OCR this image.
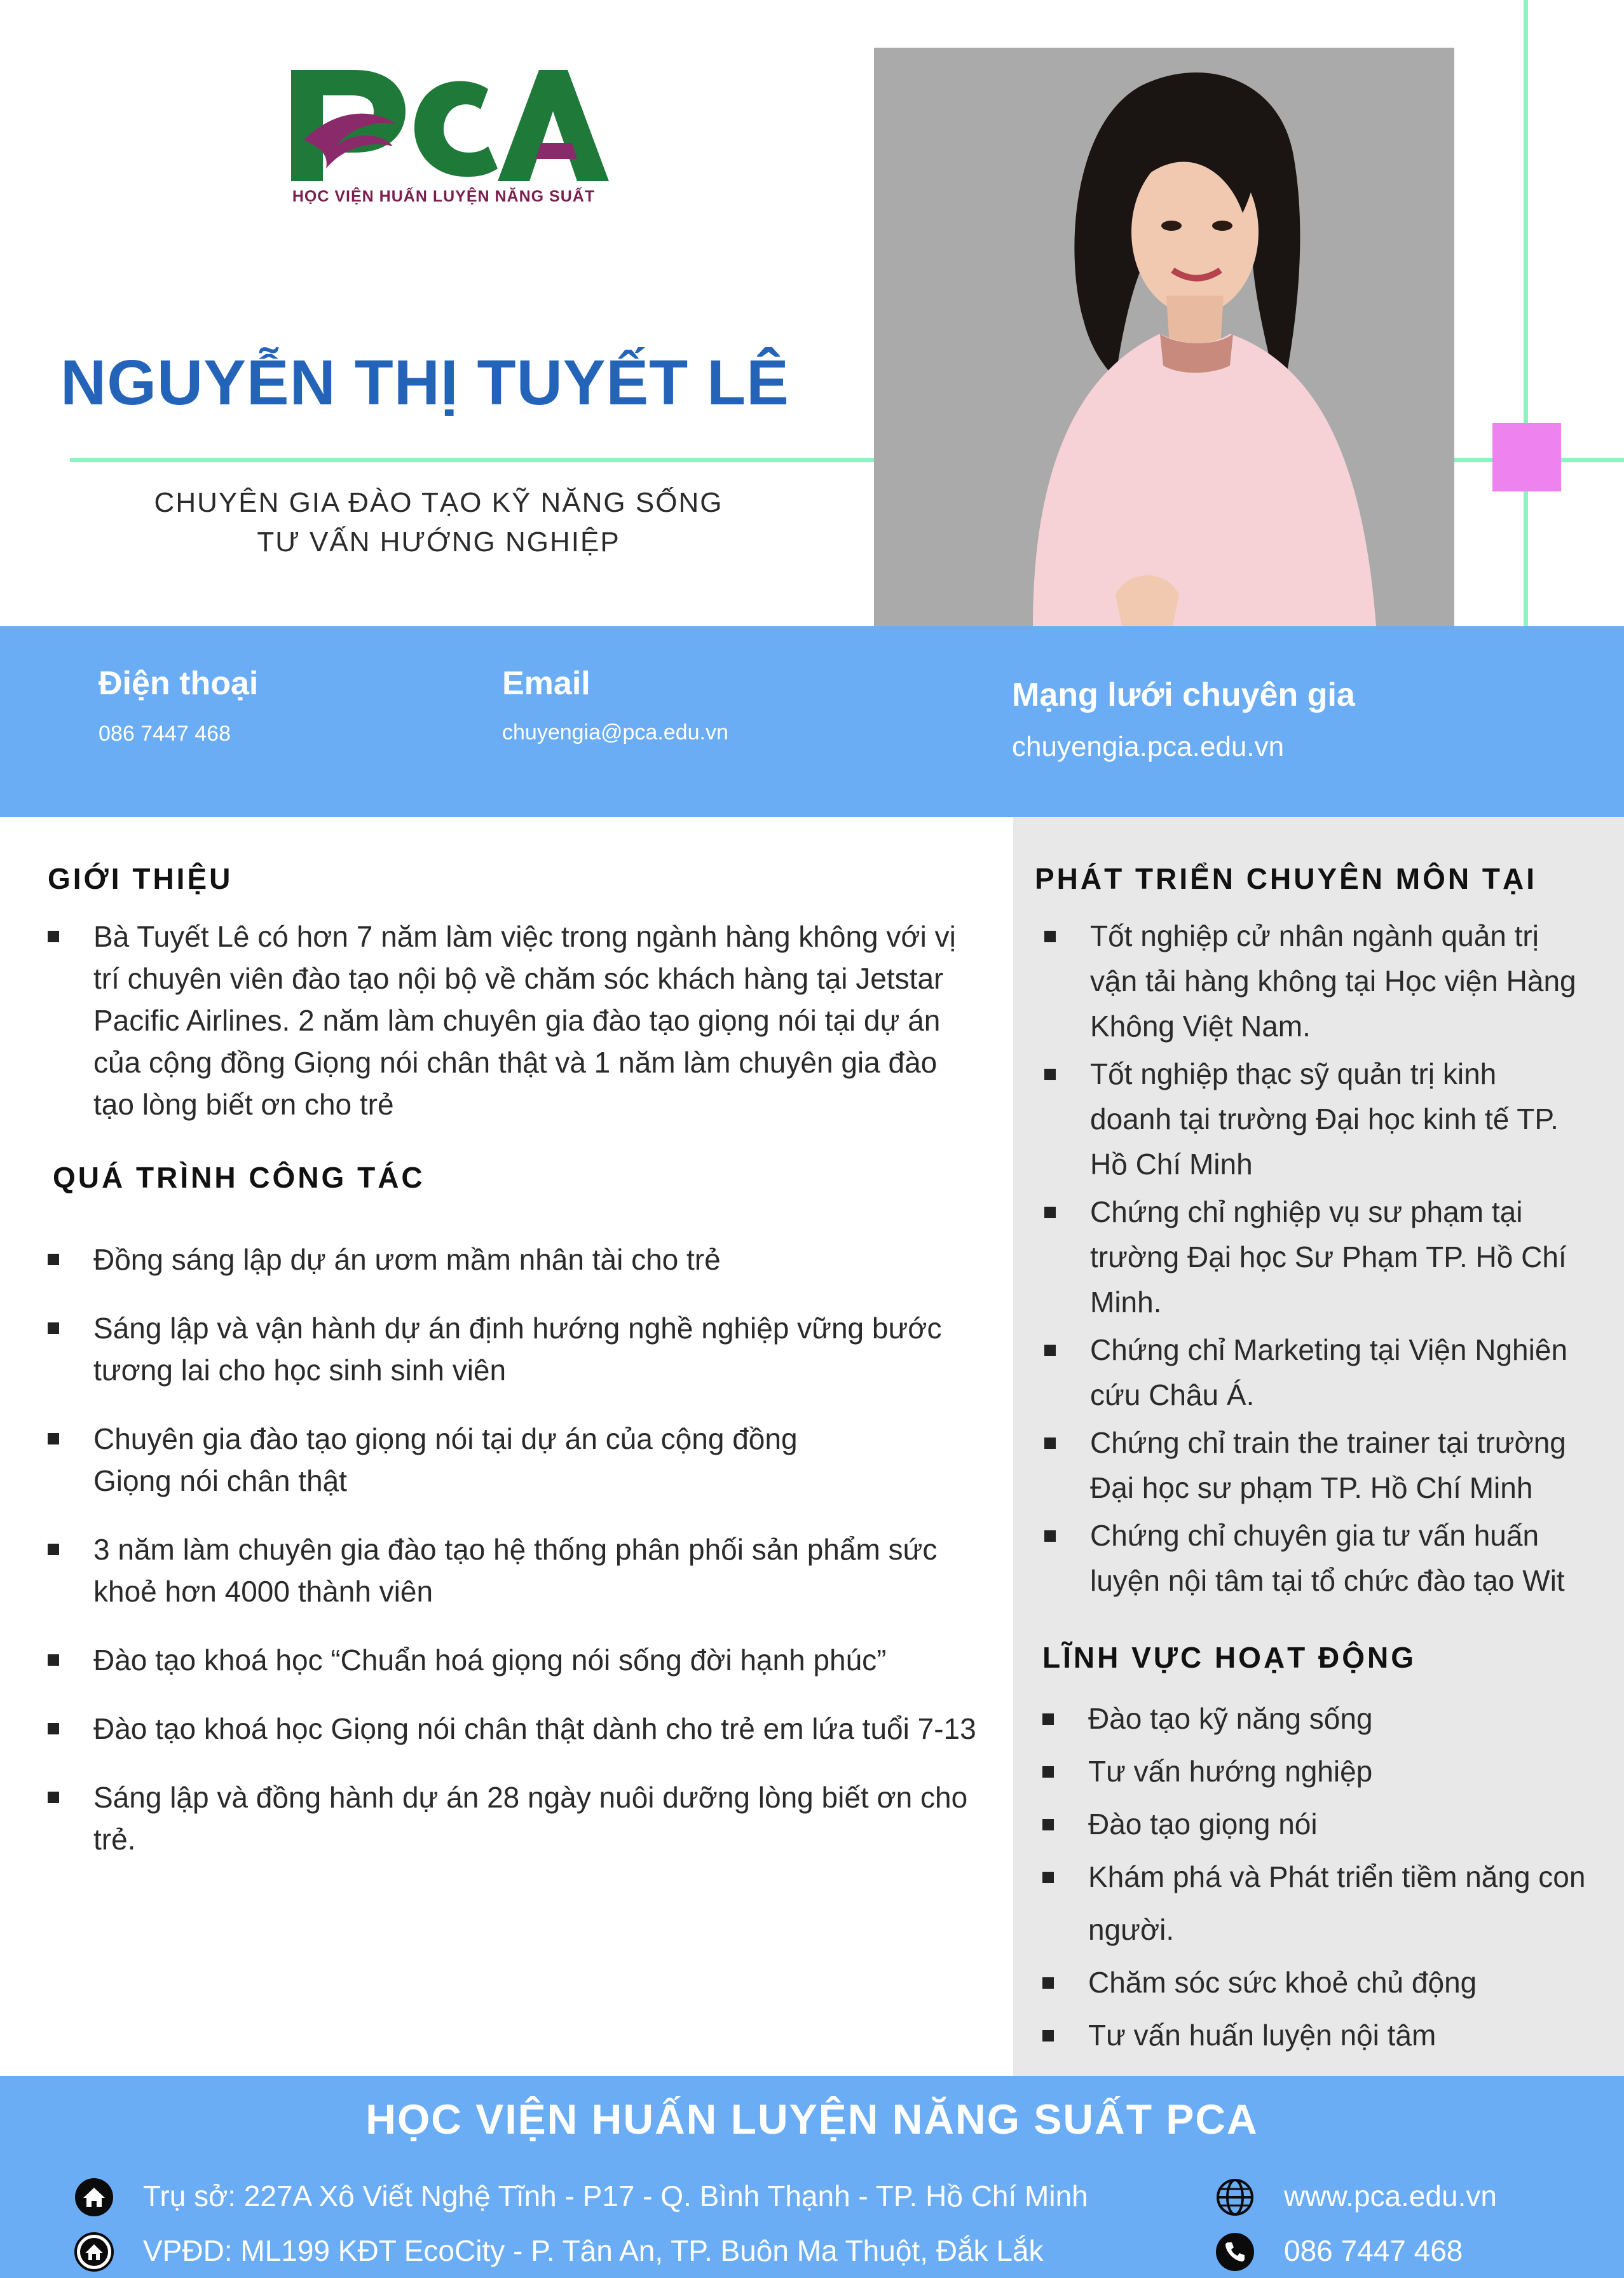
HỌC VIỆN HUẤN LUYỆN NĂNG SUẤT
NGUYỄN THỊ TUYẾT LÊ
CHUYÊN GIA ĐÀO TẠO KỸ NĂNG SỐNG
TƯ VẤN HƯỚNG NGHIỆP
Điện thoại
086 7447 468
Email
chuyengia@pca.edu.vn
Mạng lưới chuyên gia
chuyengia.pca.edu.vn
GIỚI THIỆU
Bà Tuyết Lê có hơn 7 năm làm việc trong ngành hàng không với vị trí chuyên viên đào tạo nội bộ về chăm sóc khách hàng tại Jetstar Pacific Airlines. 2 năm làm chuyên gia đào tạo giọng nói tại dự án của cộng đồng Giọng nói chân thật và 1 năm làm chuyên gia đào tạo lòng biết ơn cho trẻ
QUÁ TRÌNH CÔNG TÁC
Đồng sáng lập dự án ươm mầm nhân tài cho trẻ
Sáng lập và vận hành dự án định hướng nghề nghiệp vững bước tương lai cho học sinh sinh viên
Chuyên gia đào tạo giọng nói tại dự án của cộng đồng Giọng nói chân thật
3 năm làm chuyên gia đào tạo hệ thống phân phối sản phẩm sức khoẻ hơn 4000 thành viên
Đào tạo khoá học “Chuẩn hoá giọng nói sống đời hạnh phúc”
Đào tạo khoá học Giọng nói chân thật dành cho trẻ em lứa tuổi 7-13
Sáng lập và đồng hành dự án 28 ngày nuôi dưỡng lòng biết ơn cho trẻ.
PHÁT TRIỂN CHUYÊN MÔN TẠI
Tốt nghiệp cử nhân ngành quản trị vận tải hàng không tại Học viện Hàng Không Việt Nam.
Tốt nghiệp thạc sỹ quản trị kinh doanh tại trường Đại học kinh tế TP. Hồ Chí Minh
Chứng chỉ nghiệp vụ sư phạm tại trường Đại học Sư Phạm TP. Hồ Chí Minh.
Chứng chỉ Marketing tại Viện Nghiên cứu Châu Á.
Chứng chỉ train the trainer tại trường Đại học sư phạm TP. Hồ Chí Minh
Chứng chỉ chuyên gia tư vấn huấn luyện nội tâm tại tổ chức đào tạo Wit
LĨNH VỰC HOẠT ĐỘNG
Đào tạo kỹ năng sống
Tư vấn hướng nghiệp
Đào tạo giọng nói
Khám phá và Phát triển tiềm năng con người.
Chăm sóc sức khoẻ chủ động
Tư vấn huấn luyện nội tâm
HỌC VIỆN HUẤN LUYỆN NĂNG SUẤT PCA
Trụ sở: 227A Xô Viết Nghệ Tĩnh - P17 - Q. Bình Thạnh - TP. Hồ Chí Minh
VPĐD: ML199 KĐT EcoCity - P. Tân An, TP. Buôn Ma Thuột, Đắk Lắk
www.pca.edu.vn
086 7447 468
